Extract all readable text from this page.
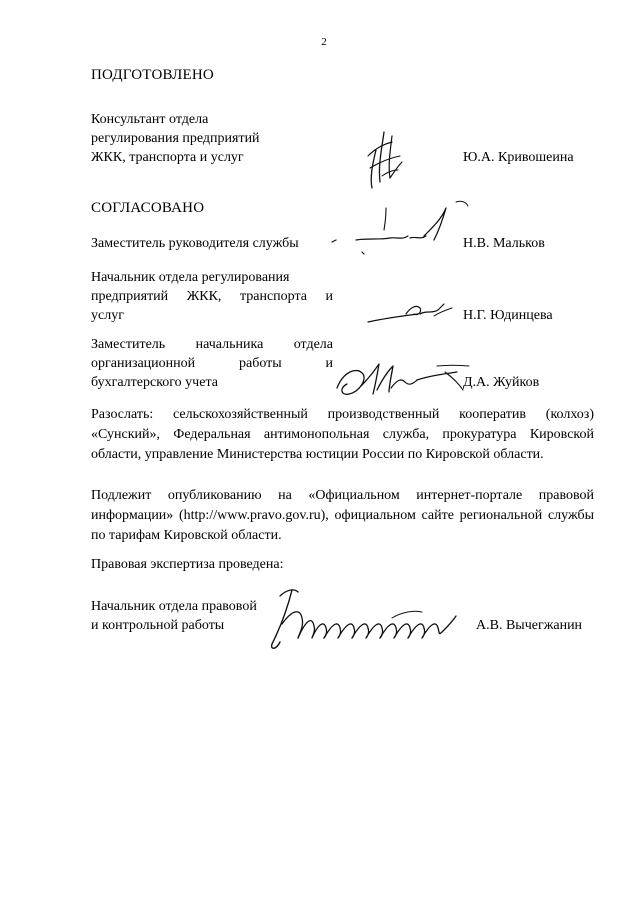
2
ПОДГОТОВЛЕНО
Консультант отдела
регулирования предприятий
ЖКК, транспорта и услуг	Ю.А. Кривошеина
СОГЛАСОВАНО
Заместитель руководителя службы	Н.В. Мальков
Начальник отдела регулирования
предприятий ЖКК, транспорта и
услуг	Н.Г. Юдинцева
Заместитель начальника отдела
организационной работы и
бухгалтерского учета	Д.А. Жуйков
Разослать: сельскохозяйственный производственный кооператив (колхоз) «Сунский», Федеральная антимонопольная служба, прокуратура Кировской области, управление Министерства юстиции России по Кировской области.
Подлежит опубликованию на «Официальном интернет-портале правовой информации» (http://www.pravo.gov.ru), официальном сайте региональной службы по тарифам Кировской области.
Правовая экспертиза проведена:
Начальник отдела правовой
и контрольной работы	А.В. Вычегжанин
